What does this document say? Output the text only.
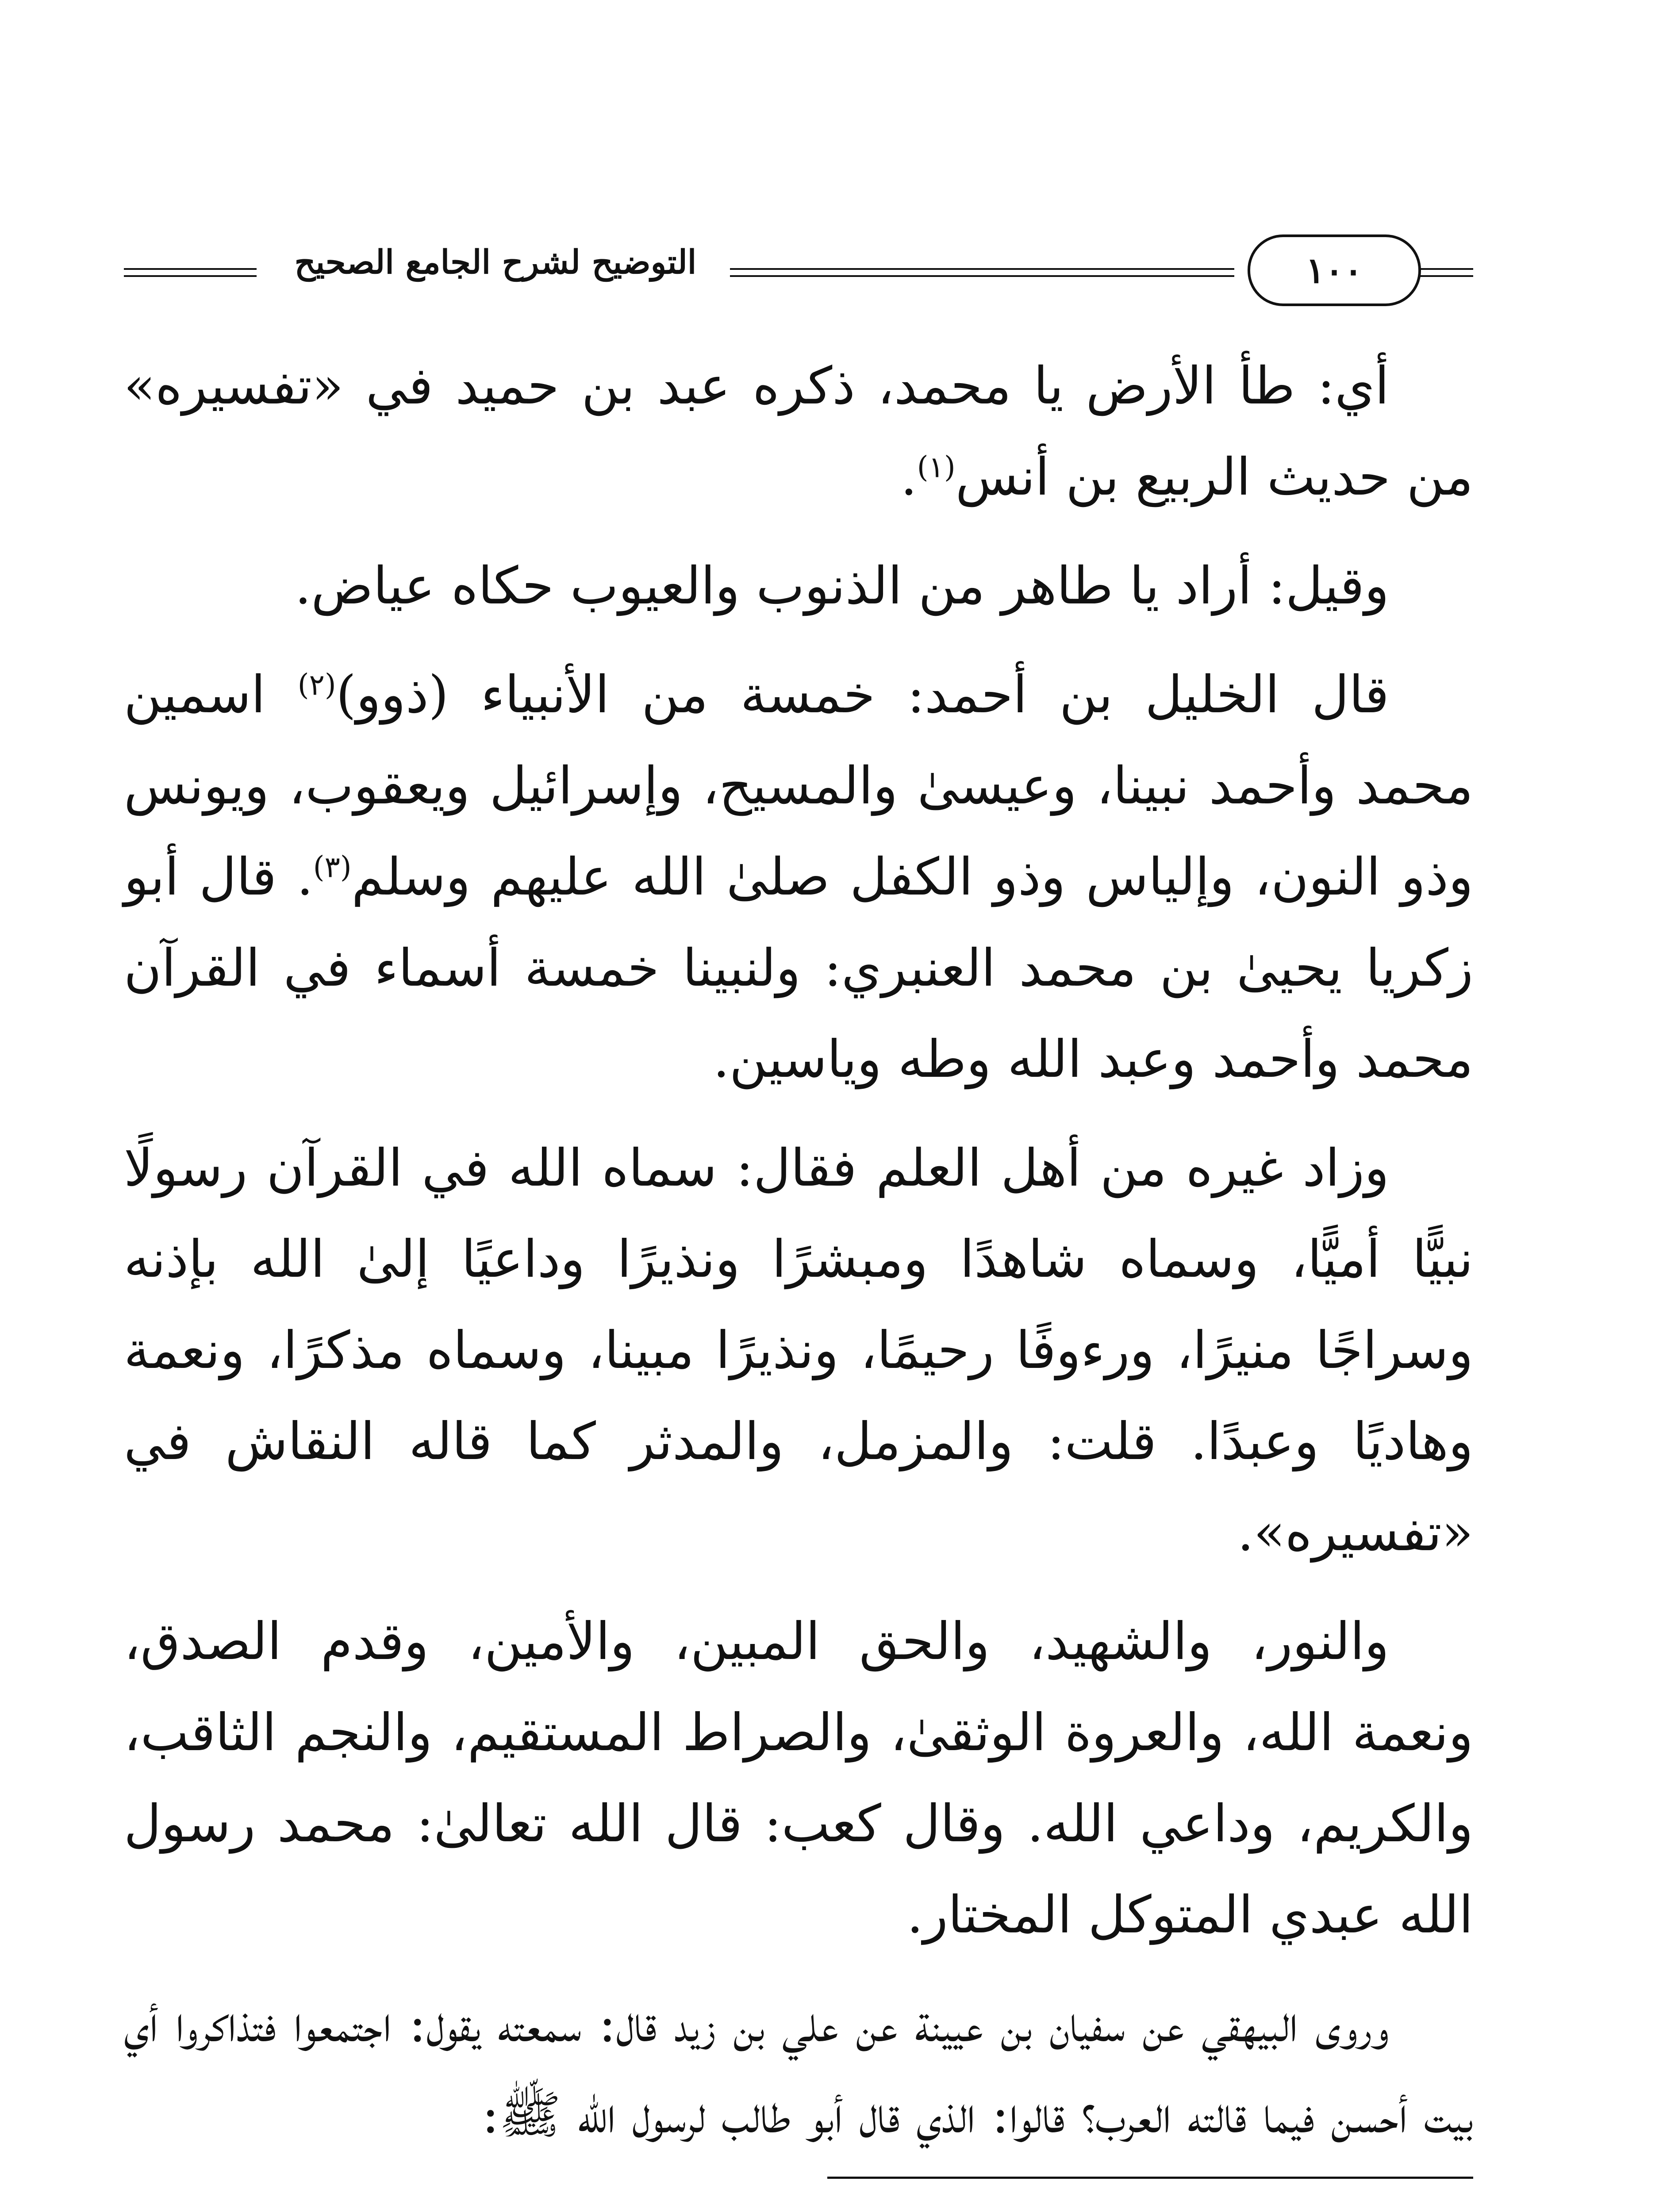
التوضيح لشرح الجامع الصحيح	١٠٠

أي: طأ الأرض يا محمد، ذكره عبد بن حميد في «تفسيره» من حديث الربيع بن أنس$^{(١)}$.

وقيل: أراد يا طاهر من الذنوب والعيوب حكاه عياض.

قال الخليل بن أحمد: خمسة من الأنبياء (ذوو)$^{(٢)}$ اسمين محمد وأحمد نبينا، وعيسىٰ والمسيح، وإسرائيل ويعقوب، ويونس وذو النون، وإلياس وذو الكفل صلىٰ الله عليهم وسلم$^{(٣)}$. قال أبو زكريا يحيىٰ بن محمد العنبري: ولنبينا خمسة أسماء في القرآن محمد وأحمد وعبد الله وطه وياسين.

وزاد غيره من أهل العلم فقال: سماه الله في القرآن رسولًا نبيًّا أميًّا، وسماه شاهدًا ومبشرًا ونذيرًا وداعيًا إلىٰ الله بإذنه وسراجًا منيرًا، ورءوفًا رحيمًا، ونذيرًا مبينا، وسماه مذكرًا، ونعمة وهاديًا وعبدًا. قلت: والمزمل، والمدثر كما قاله النقاش في «تفسيره».

والنور، والشهيد، والحق المبين، والأمين، وقدم الصدق، ونعمة الله، والعروة الوثقىٰ، والصراط المستقيم، والنجم الثاقب، والكريم، وداعي الله. وقال كعب: قال الله تعالىٰ: محمد رسول الله عبدي المتوكل المختار.

وروى البيهقي عن سفيان بن عيينة عن علي بن زيد قال: سمعته يقول: اجتمعوا فتذاكروا أي بيت أحسن فيما قالته العرب؟ قالوا: الذي قال أبو طالب لرسول الله ﷺ:
